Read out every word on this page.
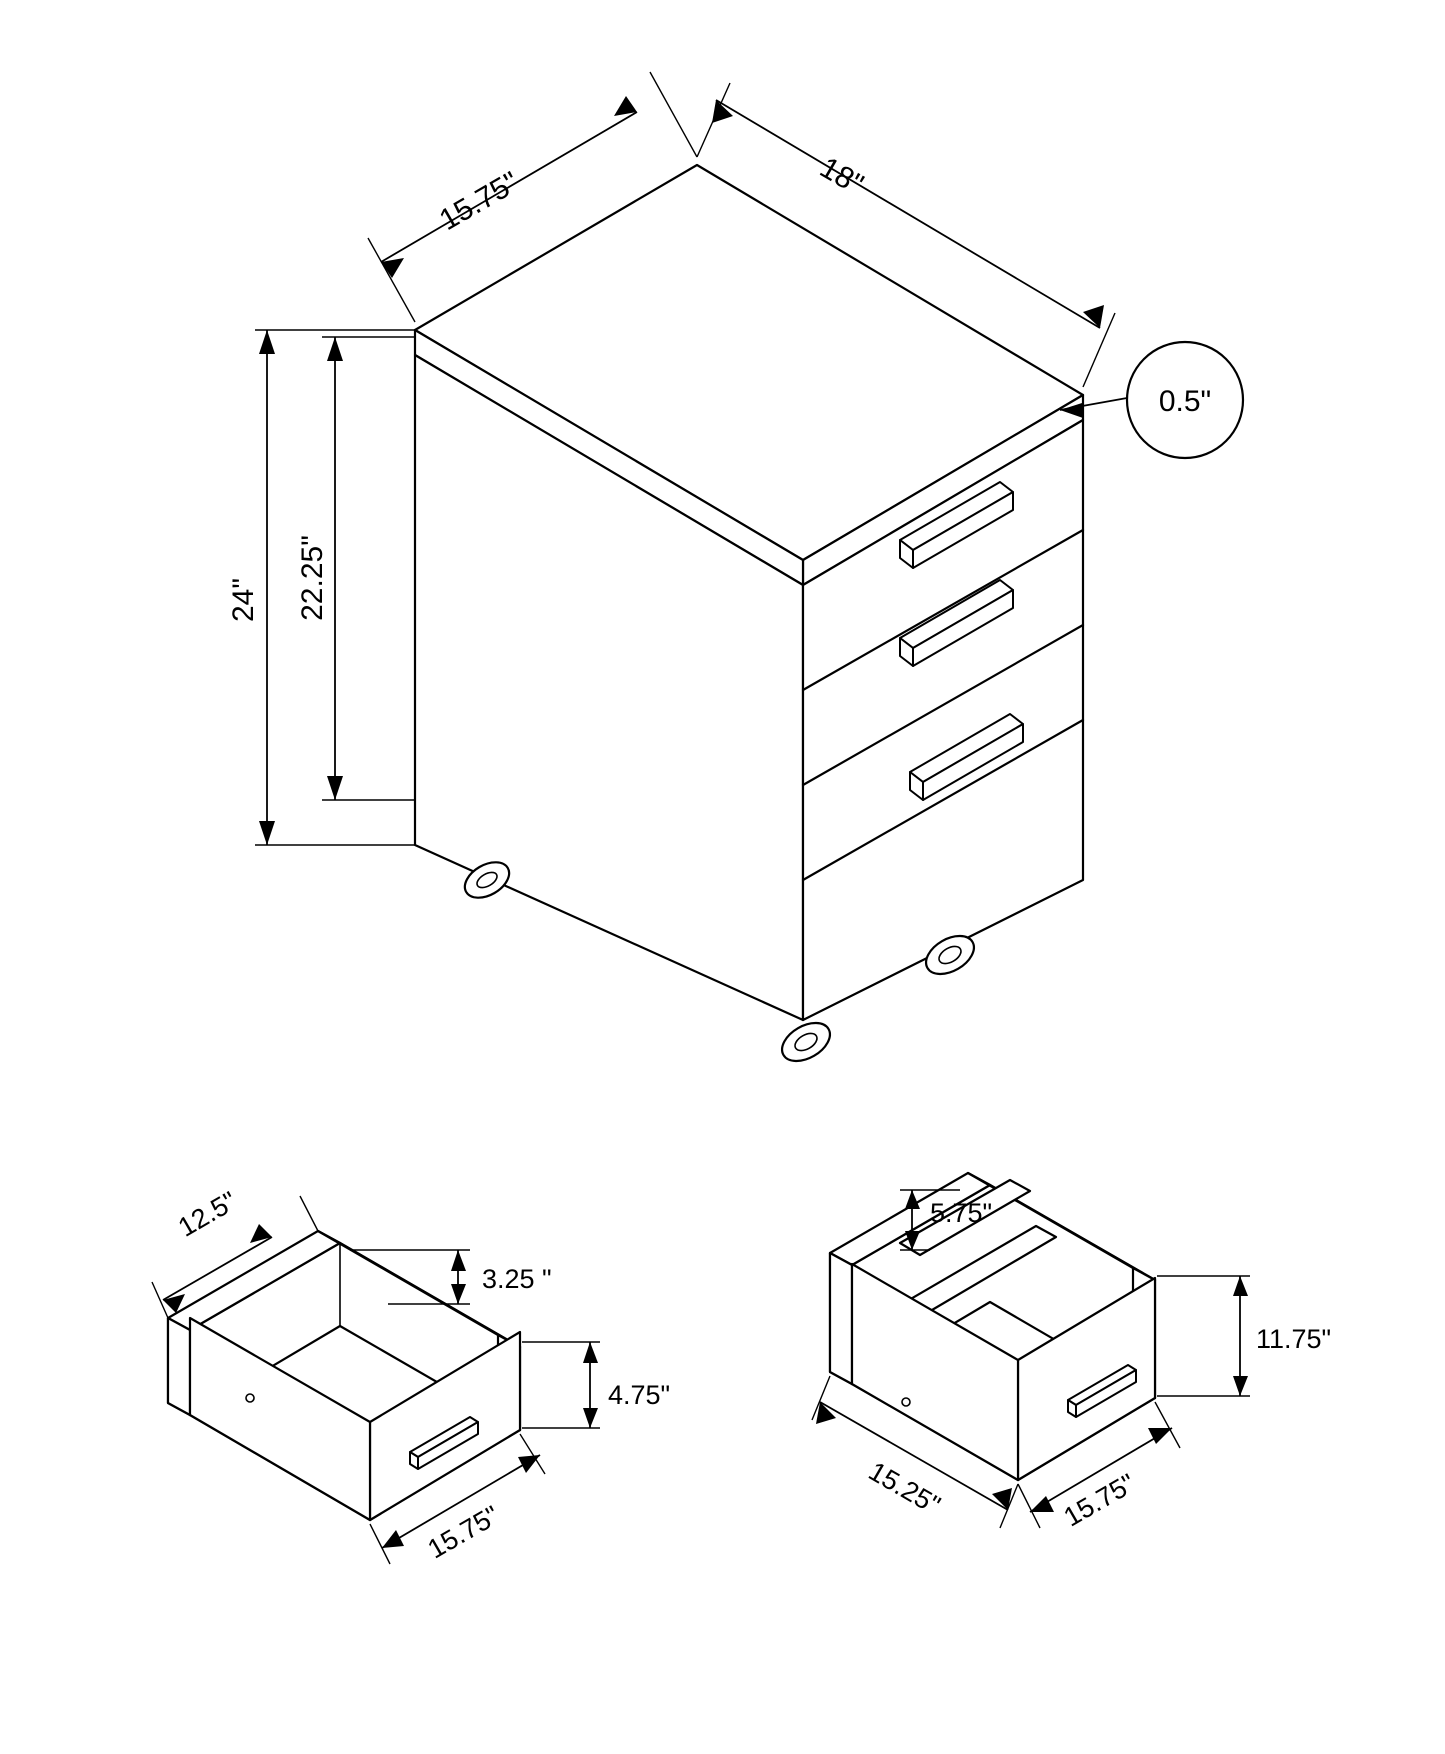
15.75"	18"
0.5"
24" 22.25"
12.5"
3.25 "
4.75"
15.75"
5.75"
11.75"
15.25"	15.75"
